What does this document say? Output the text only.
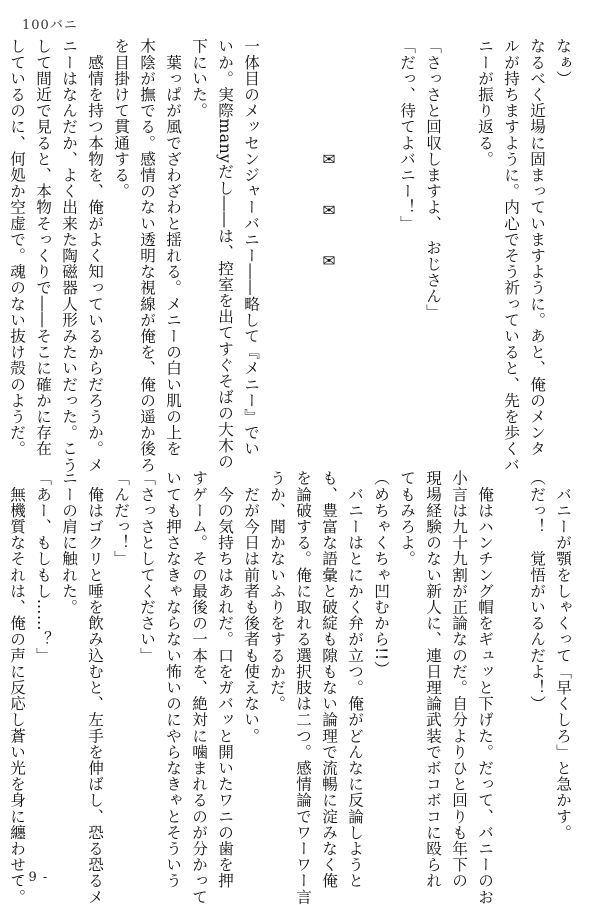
100バニ
なぁ）
なるべく近場に固まっていますように。あと、俺のメンタ
ルが持ちますように。内心でそう祈っていると、先を歩くバ
ニーが振り返る。

「さっさと回収しますよ、　おじさん」
「だっ、待てよバニー！」

　　　　　　　✉　　✉　　✉

一体目のメッセンジャーバニー――略して『メニー』でい
いか。実際manyだし――は、控室を出てすぐそばの大木の
下にいた。
　葉っぱが風でざわざわと揺れる。メニーの白い肌の上を
木陰が撫でる。感情のない透明な視線が俺を、俺の遥か後ろ
を目掛けて貫通する。
　感情を持つ本物を、俺がよく知っているからだろうか。メ
ニーはなんだか、よく出来た陶磁器人形みたいだった。こう
して間近で見ると、本物そっくりで――そこに確かに存在
しているのに、何処か空虚で。魂のない抜け殻のようだ。
　バニーが顎をしゃくって「早くしろ」と急かす。
（だっ！　覚悟がいるんだよ！）

　俺はハンチング帽をギュッと下げた。だって、バニーのお
小言は九十九割が正論なのだ。自分よりひと回りも年下の
現場経験のない新人に、連日理論武装でボコボコに殴られ
てもみろよ。
（めちゃくちゃ凹むから!!）
　バニーはとにかく弁が立つ。俺がどんなに反論しようと
も、豊富な語彙と破綻も隙もない論理で流暢に淀みなく俺
を論破する。俺に取れる選択肢は二つ。感情論でワーワー言
うか、聞かないふりをするかだ。
　だが今日は前者も後者も使えない。
　今の気持ちはあれだ。口をガバッと開いたワニの歯を押
すゲーム。その最後の一本を、絶対に噛まれるのが分かって
いても押さなきゃならない怖いのにやらなきゃとそういう
「さっさとしてください」
「んだっ！」
　俺はゴクリと唾を飲み込むと、左手を伸ばし、恐る恐るメ
ニーの肩に触れた。
「あー、もしもし……？」
　無機質なそれは、俺の声に反応し蒼い光を身に纏わせて。
- 9 -
